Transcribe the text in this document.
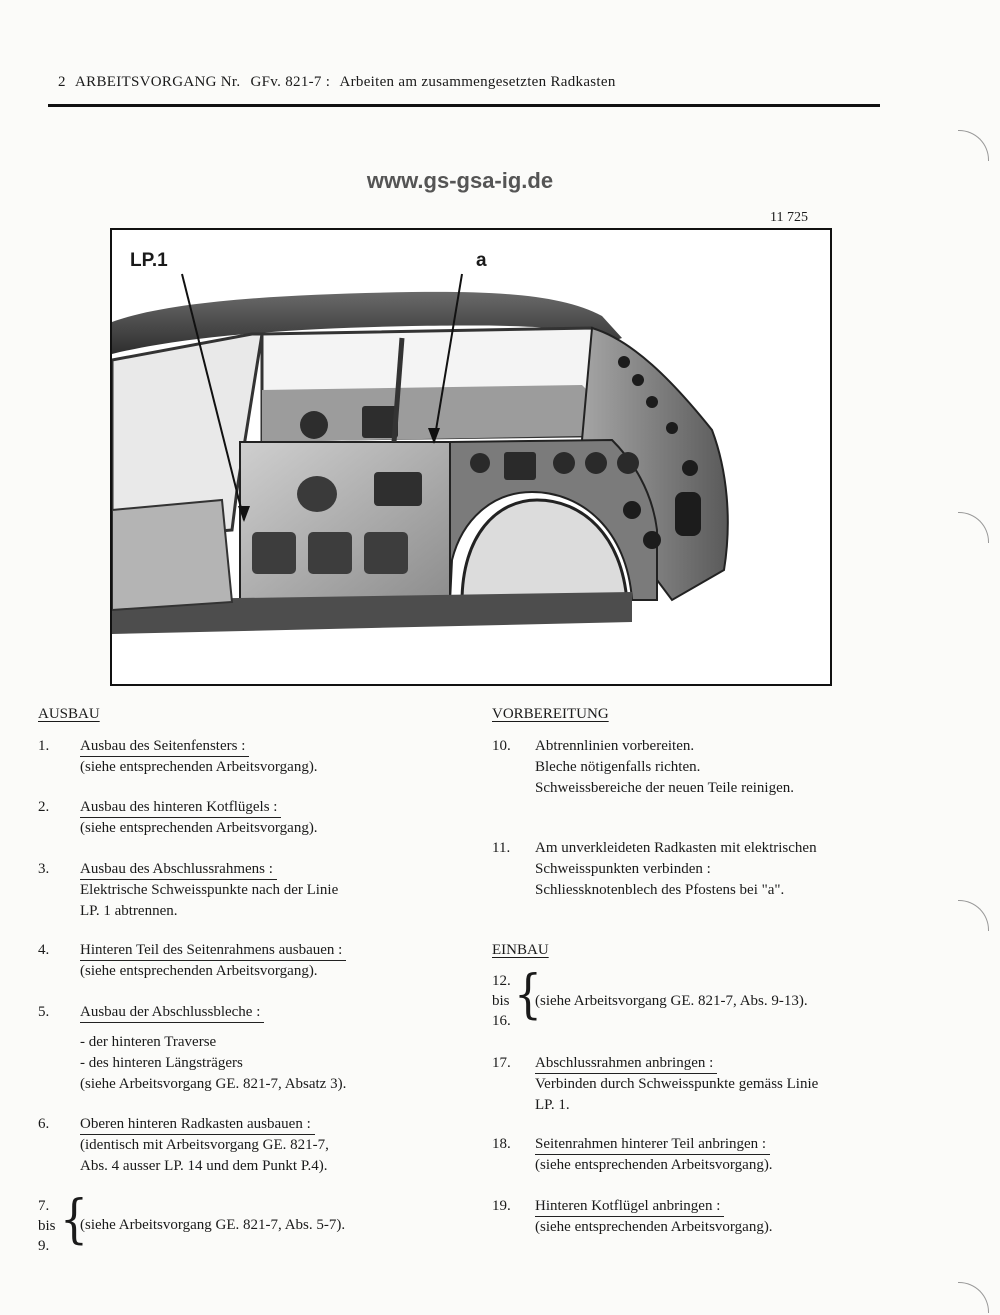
2 ARBEITSVORGANG Nr. GFv. 821-7 : Arbeiten am zusammengesetzten Radkasten
www.gs-gsa-ig.de
11 725
LP.1	a
AUSBAU
1. Ausbau des Seitenfensters :
(siehe entsprechenden Arbeitsvorgang).
2. Ausbau des hinteren Kotflügels :
(siehe entsprechenden Arbeitsvorgang).
3. Ausbau des Abschlussrahmens :
Elektrische Schweisspunkte nach der Linie
LP. 1 abtrennen.
4. Hinteren Teil des Seitenrahmens ausbauen :
(siehe entsprechenden Arbeitsvorgang).
5. Ausbau der Abschlussbleche :
- der hinteren Traverse
- des hinteren Längsträgers
(siehe Arbeitsvorgang GE. 821-7, Absatz 3).
6. Oberen hinteren Radkasten ausbauen :
(identisch mit Arbeitsvorgang GE. 821-7,
Abs. 4 ausser LP. 14 und dem Punkt P.4).
7.
bis
9. {
(siehe Arbeitsvorgang GE. 821-7, Abs. 5-7).
VORBEREITUNG
10. Abtrennlinien vorbereiten.
Bleche nötigenfalls richten.
Schweissbereiche der neuen Teile reinigen.
11. Am unverkleideten Radkasten mit elektrischen
Schweisspunkten verbinden :
Schliessknotenblech des Pfostens bei "a".
EINBAU
12.
bis
16. {
(siehe Arbeitsvorgang GE. 821-7, Abs. 9-13).
17. Abschlussrahmen anbringen :
Verbinden durch Schweisspunkte gemäss Linie
LP. 1.
18. Seitenrahmen hinterer Teil anbringen :
(siehe entsprechenden Arbeitsvorgang).
19. Hinteren Kotflügel anbringen :
(siehe entsprechenden Arbeitsvorgang).
